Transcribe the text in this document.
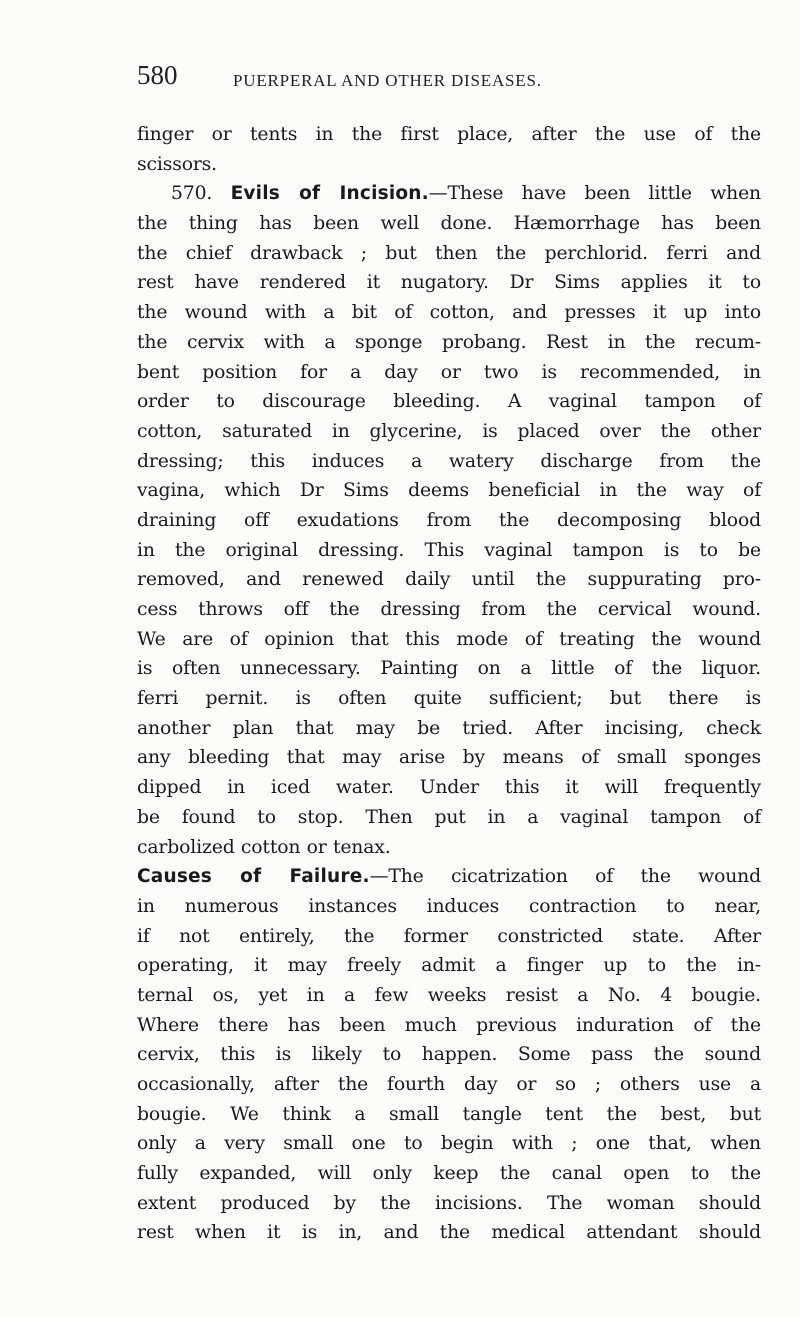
580	PUERPERAL AND OTHER DISEASES.
finger or tents in the first place, after the use of the
scissors.
570. Evils of Incision.—These have been little when
the thing has been well done. Hæmorrhage has been
the chief drawback ; but then the perchlorid. ferri and
rest have rendered it nugatory. Dr Sims applies it to
the wound with a bit of cotton, and presses it up into
the cervix with a sponge probang. Rest in the recum-
bent position for a day or two is recommended, in
order to discourage bleeding. A vaginal tampon of
cotton, saturated in glycerine, is placed over the other
dressing; this induces a watery discharge from the
vagina, which Dr Sims deems beneficial in the way of
draining off exudations from the decomposing blood
in the original dressing. This vaginal tampon is to be
removed, and renewed daily until the suppurating pro-
cess throws off the dressing from the cervical wound.
We are of opinion that this mode of treating the wound
is often unnecessary. Painting on a little of the liquor.
ferri pernit. is often quite sufficient; but there is
another plan that may be tried. After incising, check
any bleeding that may arise by means of small sponges
dipped in iced water. Under this it will frequently
be found to stop. Then put in a vaginal tampon of
carbolized cotton or tenax.
Causes of Failure.—The cicatrization of the wound
in numerous instances induces contraction to near,
if not entirely, the former constricted state. After
operating, it may freely admit a finger up to the in-
ternal os, yet in a few weeks resist a No. 4 bougie.
Where there has been much previous induration of the
cervix, this is likely to happen. Some pass the sound
occasionally, after the fourth day or so ; others use a
bougie. We think a small tangle tent the best, but
only a very small one to begin with ; one that, when
fully expanded, will only keep the canal open to the
extent produced by the incisions. The woman should
rest when it is in, and the medical attendant should
